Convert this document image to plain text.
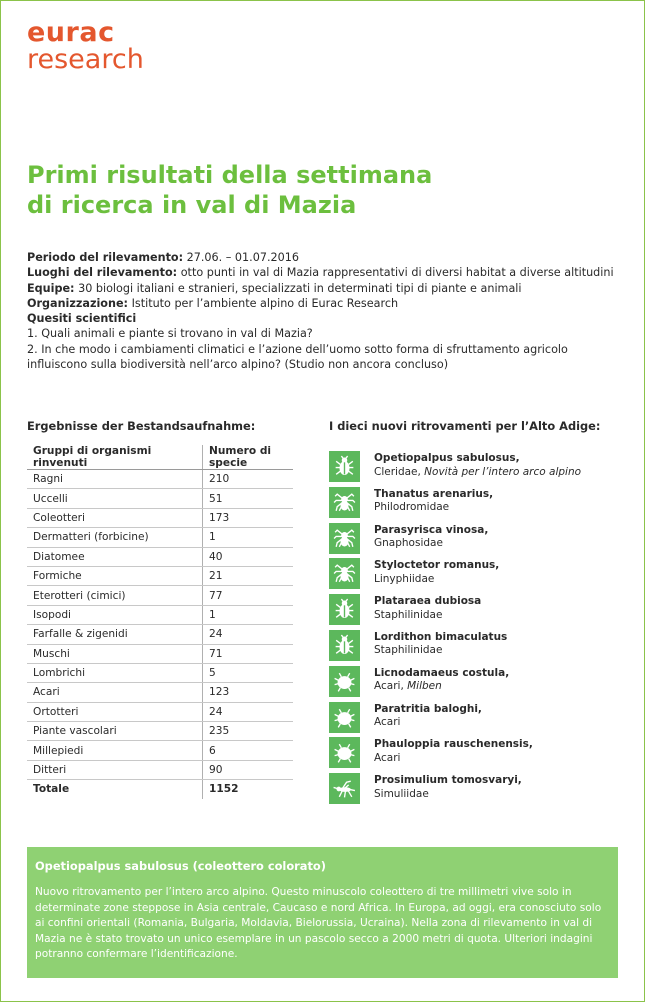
eurac
research
Primi risultati della settimana
di ricerca in val di Mazia
Periodo del rilevamento: 27.06. – 01.07.2016
Luoghi del rilevamento: otto punti in val di Mazia rappresentativi di diversi habitat a diverse altitudini
Equipe: 30 biologi italiani e stranieri, specializzati in determinati tipi di piante e animali
Organizzazione: Istituto per l’ambiente alpino di Eurac Research
Quesiti scientifici

1. Quali animali e piante si trovano in val di Mazia?

2. In che modo i cambiamenti climatici e l’azione dell’uomo sotto forma di sfruttamento agricolo influiscono sulla biodiversità nell’arco alpino? (Studio non ancora concluso)

Ergebnisse der Bestandsaufnahme:	I dieci nuovi ritrovamenti per l’Alto Adige:
Gruppi di organismi rinvenuti	Numero di specie
Ragni	210
Uccelli	51
Coleotteri	173
Dermatteri (forbicine)	1
Diatomee	40
Formiche	21
Eterotteri (cimici)	77
Isopodi	1
Farfalle & zigenidi	24
Muschi	71
Lombrichi	5
Acari	123
Ortotteri	24
Piante vascolari	235
Millepiedi	6
Ditteri	90
Totale	1152
Opetiopalpus sabulosus,
Cleridae, Novità per l’intero arco alpino
Thanatus arenarius,
Philodromidae
Parasyrisca vinosa,
Gnaphosidae
Styloctetor romanus,
Linyphiidae
Plataraea dubiosa
Staphilinidae
Lordithon bimaculatus
Staphilinidae
Licnodamaeus costula,
Acari, Milben
Paratritia baloghi,
Acari
Phauloppia rauschenensis,
Acari
Prosimulium tomosvaryi,
Simuliidae
Opetiopalpus sabulosus (coleottero colorato)

Nuovo ritrovamento per l’intero arco alpino. Questo minuscolo coleottero di tre millimetri vive solo in determinate zone steppose in Asia centrale, Caucaso e nord Africa. In Europa, ad oggi, era conosciuto solo ai confini orientali (Romania, Bulgaria, Moldavia, Bielorussia, Ucraina). Nella zona di rilevamento in val di Mazia ne è stato trovato un unico esemplare in un pascolo secco a 2000 metri di quota. Ulteriori indagini potranno confermare l’identificazione.
